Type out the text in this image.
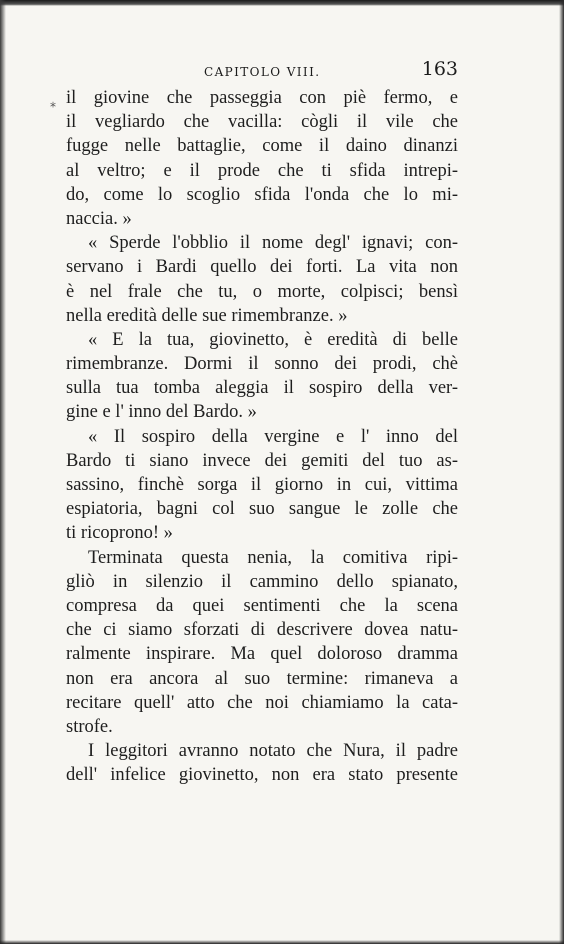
CAPITOLO VIII.	163
⁎ il giovine che passeggia con piè fermo, e
il vegliardo che vacilla: cògli il vile che
fugge nelle battaglie, come il daino dinanzi
al veltro; e il prode che ti sfida intrepi-
do, come lo scoglio sfida l'onda che lo mi-
naccia. »
« Sperde l'obblio il nome degl' ignavi; con-
servano i Bardi quello dei forti. La vita non
è nel frale che tu, o morte, colpisci; bensì
nella eredità delle sue rimembranze. »
« E la tua, giovinetto, è eredità di belle
rimembranze. Dormi il sonno dei prodi, chè
sulla tua tomba aleggia il sospiro della ver-
gine e l' inno del Bardo. »
« Il sospiro della vergine e l' inno del
Bardo ti siano invece dei gemiti del tuo as-
sassino, finchè sorga il giorno in cui, vittima
espiatoria, bagni col suo sangue le zolle che
ti ricoprono! »
Terminata questa nenia, la comitiva ripi-
gliò in silenzio il cammino dello spianato,
compresa da quei sentimenti che la scena
che ci siamo sforzati di descrivere dovea natu-
ralmente inspirare. Ma quel doloroso dramma
non era ancora al suo termine: rimaneva a
recitare quell' atto che noi chiamiamo la cata-
strofe.
I leggitori avranno notato che Nura, il padre
dell' infelice giovinetto, non era stato presente
